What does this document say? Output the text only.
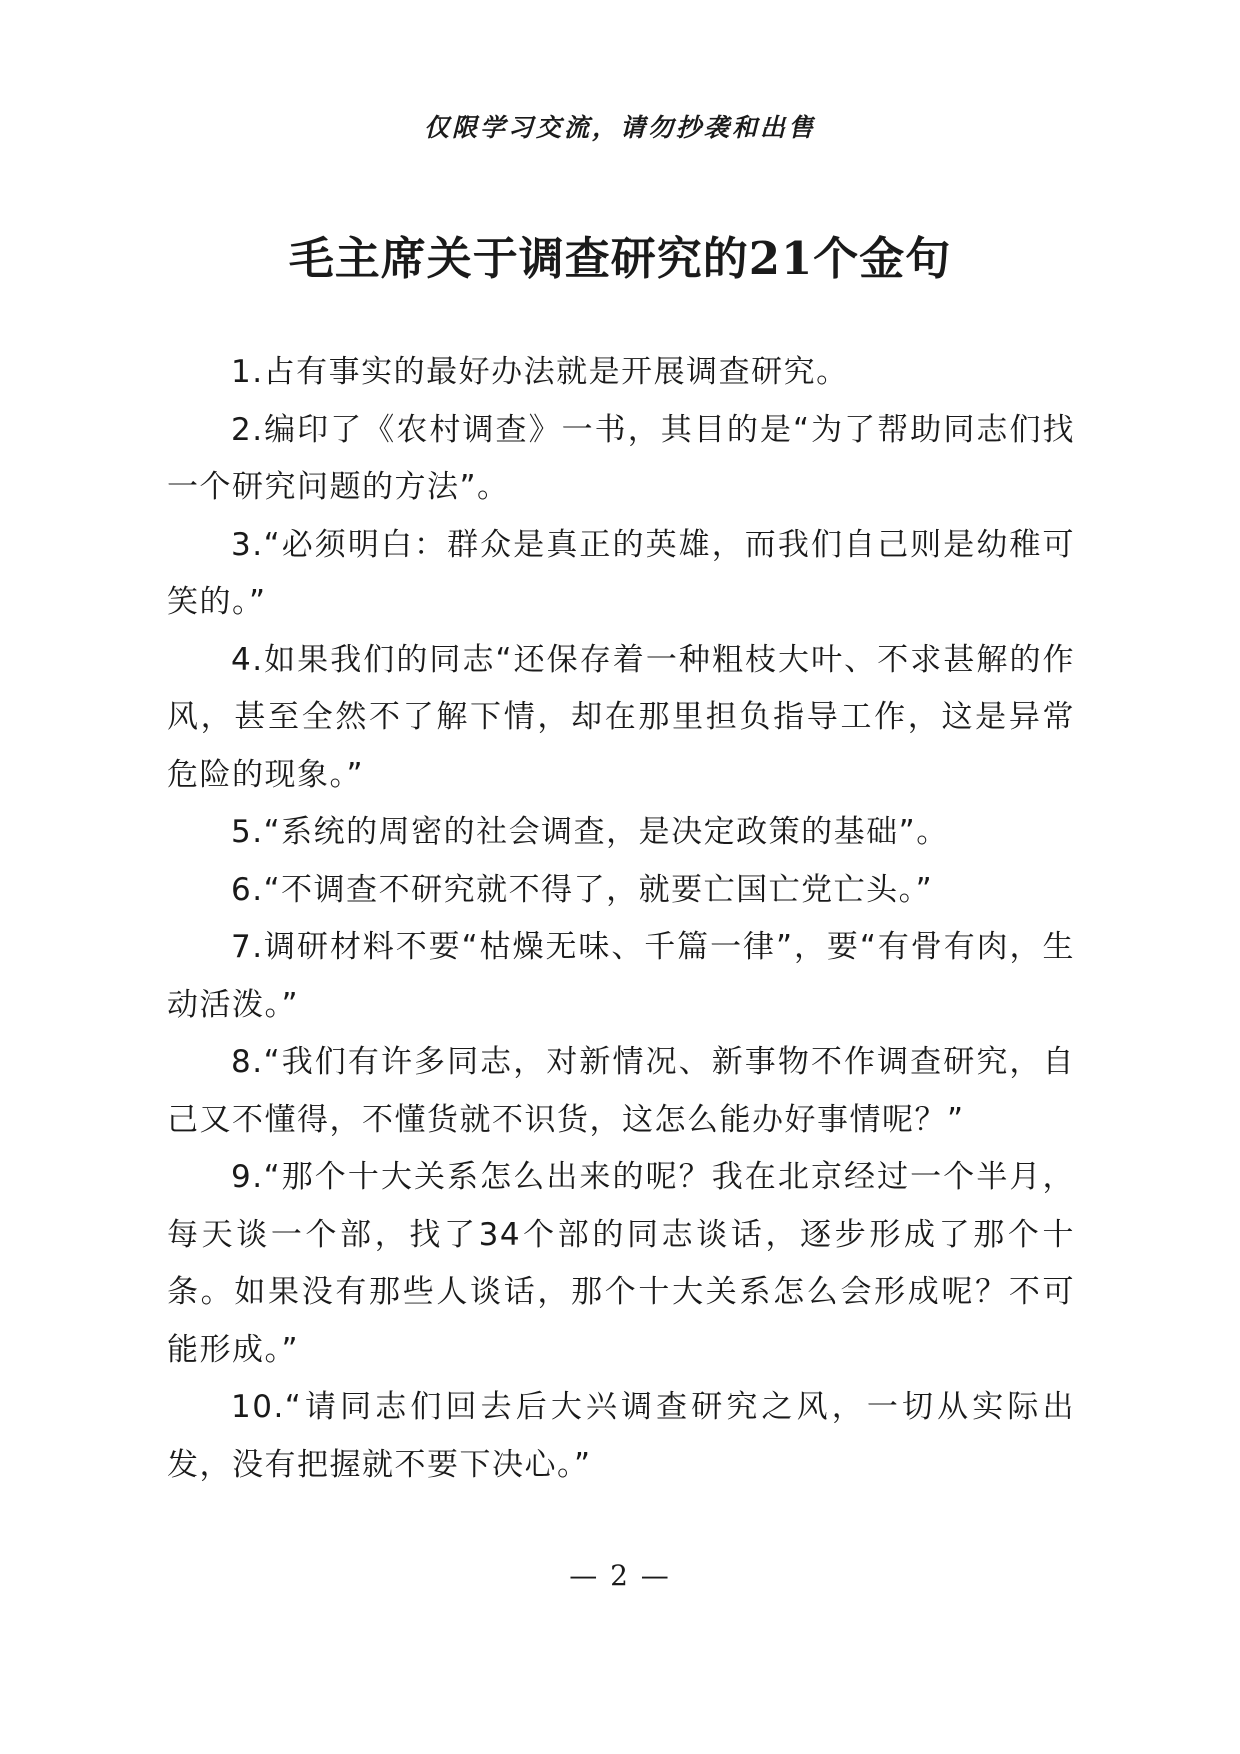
仅限学习交流，请勿抄袭和出售
毛主席关于调查研究的21个金句

1.占有事实的最好办法就是开展调查研究。

2.编印了《农村调查》一书，其目的是“为了帮助同志们找一个研究问题的方法”。

3.“必须明白：群众是真正的英雄，而我们自己则是幼稚可笑的。”

4.如果我们的同志“还保存着一种粗枝大叶、不求甚解的作风，甚至全然不了解下情，却在那里担负指导工作，这是异常危险的现象。”

5.“系统的周密的社会调查，是决定政策的基础”。

6.“不调查不研究就不得了，就要亡国亡党亡头。”

7.调研材料不要“枯燥无味、千篇一律”，要“有骨有肉，生动活泼。”

8.“我们有许多同志，对新情况、新事物不作调查研究，自己又不懂得，不懂货就不识货，这怎么能办好事情呢？”

9.“那个十大关系怎么出来的呢？我在北京经过一个半月，每天谈一个部，找了34个部的同志谈话，逐步形成了那个十条。如果没有那些人谈话，那个十大关系怎么会形成呢？不可能形成。”

10.“请同志们回去后大兴调查研究之风，一切从实际出发，没有把握就不要下决心。”

— 2 —
